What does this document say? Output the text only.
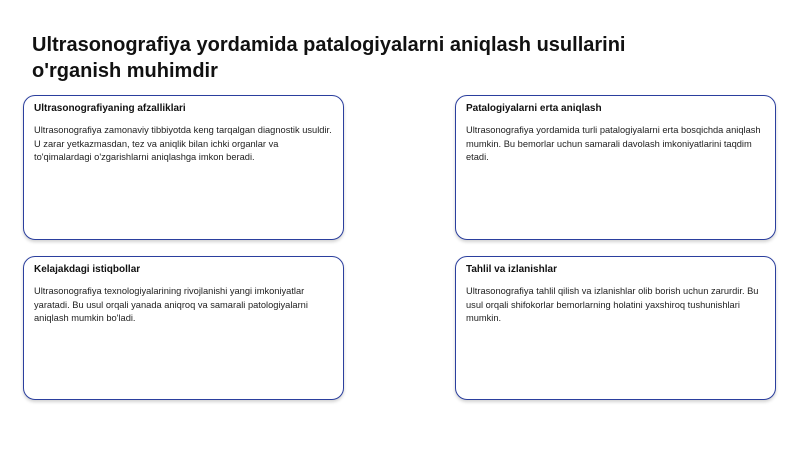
Ultrasonografiya yordamida patalogiyalarni aniqlash usullarini o'rganish muhimdir

Ultrasonografiyaning afzalliklari

Ultrasonografiya zamonaviy tibbiyotda keng tarqalgan diagnostik usuldir. U zarar yetkazmasdan, tez va aniqlik bilan ichki organlar va to'qimalardagi o'zgarishlarni aniqlashga imkon beradi.

Patalogiyalarni erta aniqlash

Ultrasonografiya yordamida turli patalogiyalarni erta bosqichda aniqlash mumkin. Bu bemorlar uchun samarali davolash imkoniyatlarini taqdim etadi.

Kelajakdagi istiqbollar

Ultrasonografiya texnologiyalarining rivojlanishi yangi imkoniyatlar yaratadi. Bu usul orqali yanada aniqroq va samarali patologiyalarni aniqlash mumkin bo'ladi.

Tahlil va izlanishlar

Ultrasonografiya tahlil qilish va izlanishlar olib borish uchun zarurdir. Bu usul orqali shifokorlar bemorlarning holatini yaxshiroq tushunishlari mumkin.
